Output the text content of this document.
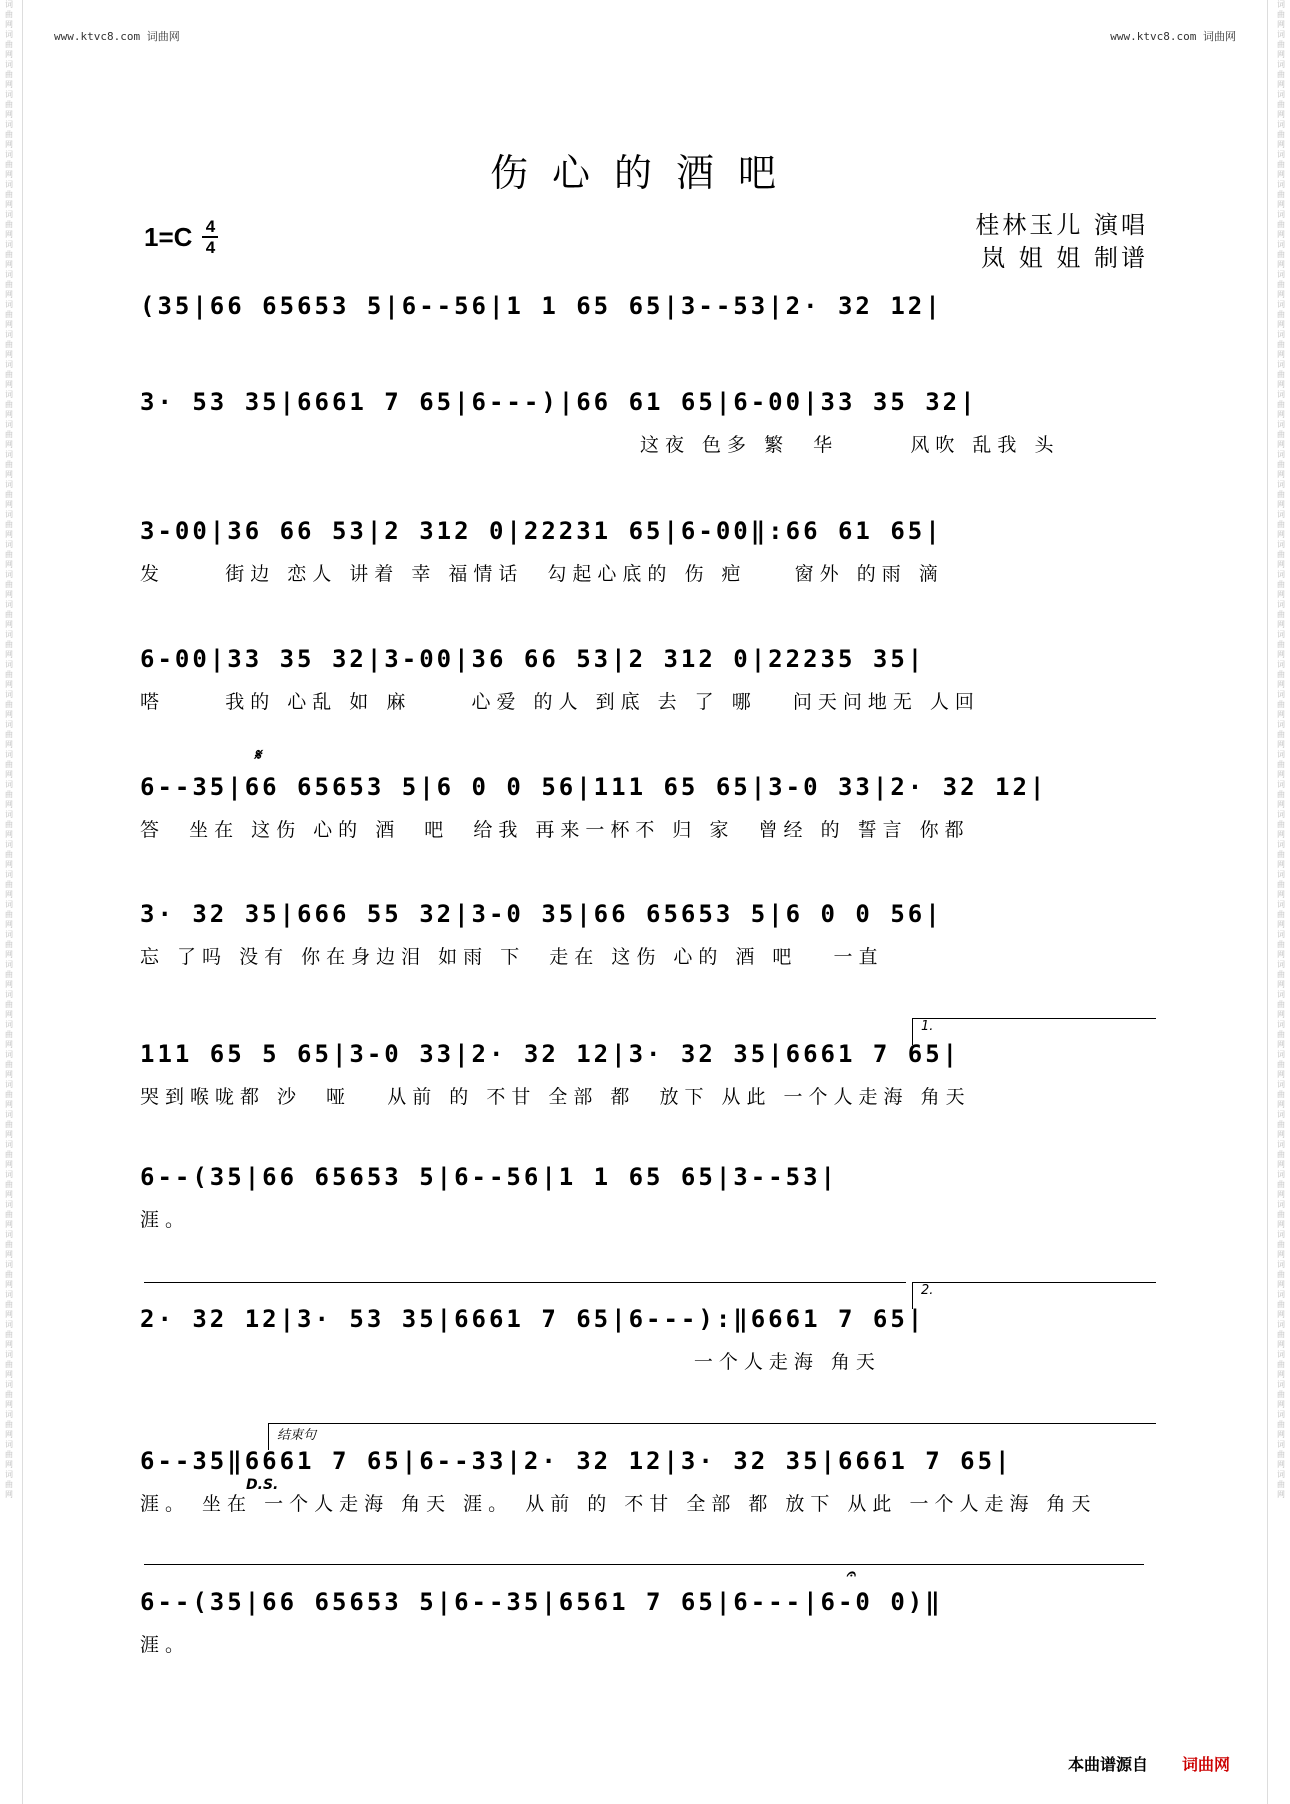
词曲网词曲网词曲网词曲网词曲网词曲网词曲网词曲网词曲网词曲网词曲网词曲网词曲网词曲网词曲网词曲网词曲网词曲网词曲网词曲网词曲网词曲网词曲网词曲网词曲网词曲网词曲网词曲网词曲网词曲网词曲网词曲网词曲网词曲网词曲网词曲网词曲网词曲网词曲网词曲网词曲网词曲网词曲网词曲网词曲网词曲网词曲网词曲网词曲网词曲网
词曲网词曲网词曲网词曲网词曲网词曲网词曲网词曲网词曲网词曲网词曲网词曲网词曲网词曲网词曲网词曲网词曲网词曲网词曲网词曲网词曲网词曲网词曲网词曲网词曲网词曲网词曲网词曲网词曲网词曲网词曲网词曲网词曲网词曲网词曲网词曲网词曲网词曲网词曲网词曲网词曲网词曲网词曲网词曲网词曲网词曲网词曲网词曲网词曲网词曲网
www.ktvc8.com 词曲网	www.ktvc8.com 词曲网
伤心的酒吧
$1=C \frac{4}{4}$	桂林玉儿 演唱
岚 姐 姐 制谱
(35|66 65653 5|6--56|1 1 65 65|3--53|2· 32 12|
3· 53 35|6661 7 65|6---)|66 61 65|6-00|33 35 32|
这夜 色多 繁  华      风吹 乱我 头
3-00|36 66 53|2 312 0|22231 65|6-00‖:66 61 65|
发     街边 恋人 讲着 幸 福情话  勾起心底的 伤 疤    窗外 的雨 滴
6-00|33 35 32|3-00|36 66 53|2 312 0|22235 35|
嗒     我的 心乱 如 麻     心爱 的人 到底 去 了 哪   问天问地无 人回
𝄋
6--35|66 65653 5|6 0 0 56|111 65 65|3-0 33|2· 32 12|
答  坐在 这伤 心的 酒  吧  给我 再来一杯不 归 家  曾经 的 誓言 你都
3· 32 35|666 55 32|3-0 35|66 65653 5|6 0 0 56|
忘 了吗 没有 你在身边泪 如雨 下  走在 这伤 心的 酒 吧   一直
1.
111 65 5 65|3-0 33|2· 32 12|3· 32 35|6661 7 65|
哭到喉咙都 沙  哑   从前 的 不甘 全部 都  放下 从此 一个人走海 角天
6--(35|66 65653 5|6--56|1 1 65 65|3--53|
涯。
2.
2· 32 12|3· 53 35|6661 7 65|6---):‖6661 7 65|
一个人走海 角天
结束句
6--35‖6661 7 65|6--33|2· 32 12|3· 32 35|6661 7 65|
涯。 坐在 一个人走海 角天 涯。 从前 的 不甘 全部 都 放下 从此 一个人走海 角天
D.S.
𝄐
6--(35|66 65653 5|6--35|6561 7 65|6---|6-0 0)‖
涯。
本曲谱源自 词曲网
